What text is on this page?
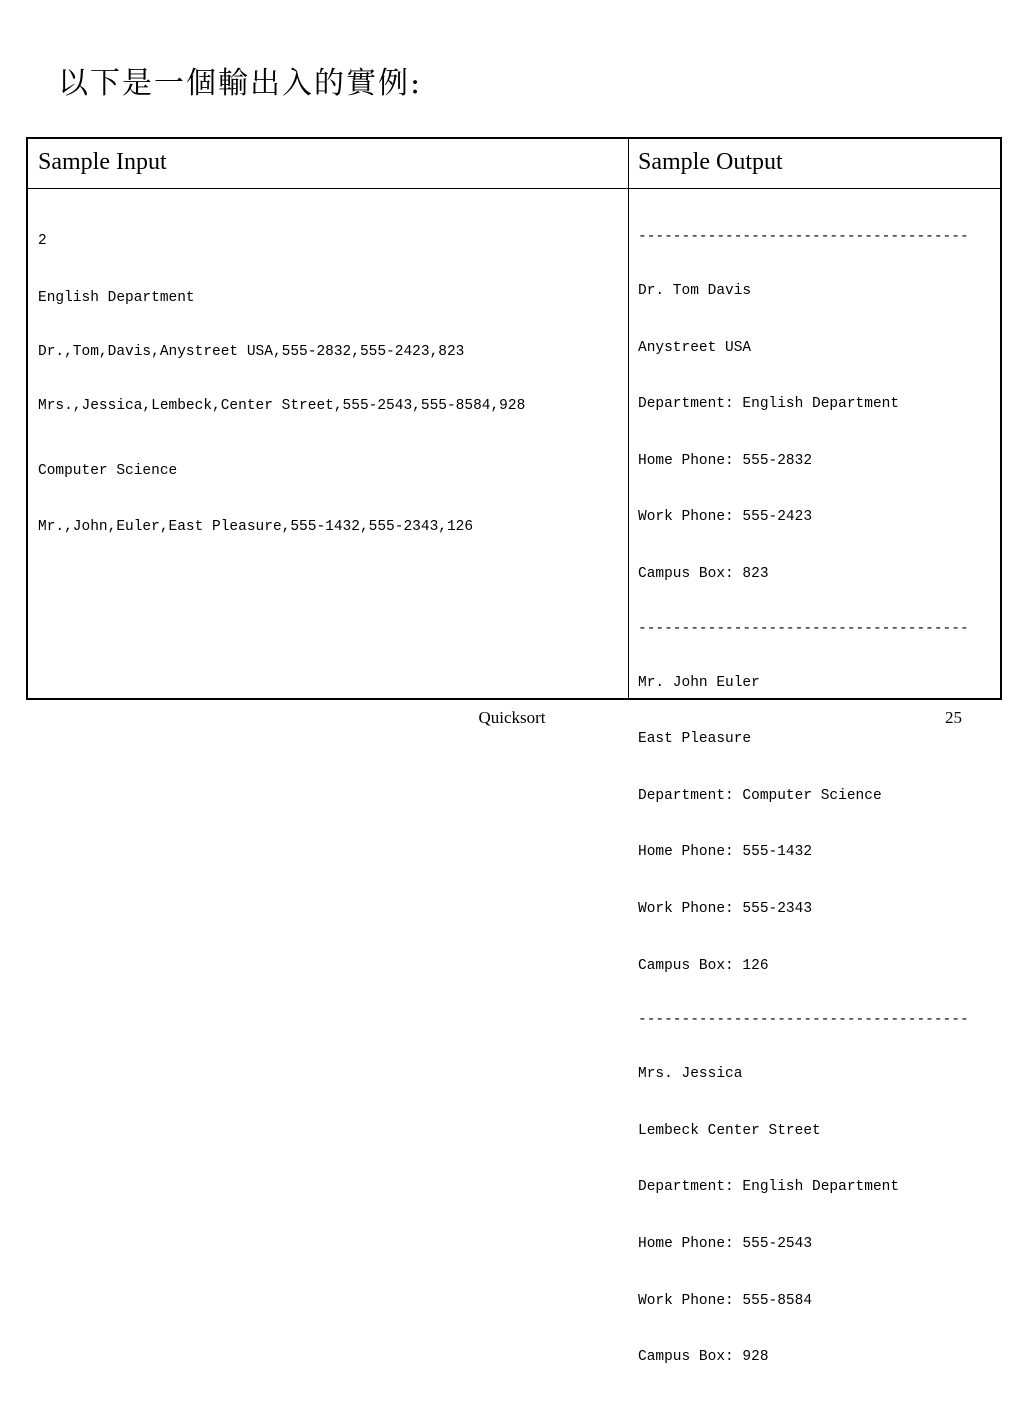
以下是一個輸出入的實例:
Sample Input	Sample Output

2

English Department

Dr.,Tom,Davis,Anystreet USA,555-2832,555-2423,823

Mrs.,Jessica,Lembeck,Center Street,555-2543,555-8584,928

Computer Science

Mr.,John,Euler,East Pleasure,555-1432,555-2343,126

--------------------------------------

Dr. Tom Davis

Anystreet USA

Department: English Department

Home Phone: 555-2832

Work Phone: 555-2423

Campus Box: 823

--------------------------------------

Mr. John Euler

East Pleasure

Department: Computer Science

Home Phone: 555-1432

Work Phone: 555-2343

Campus Box: 126

--------------------------------------

Mrs. Jessica

Lembeck Center Street

Department: English Department

Home Phone: 555-2543

Work Phone: 555-8584

Campus Box: 928

Quicksort	25
